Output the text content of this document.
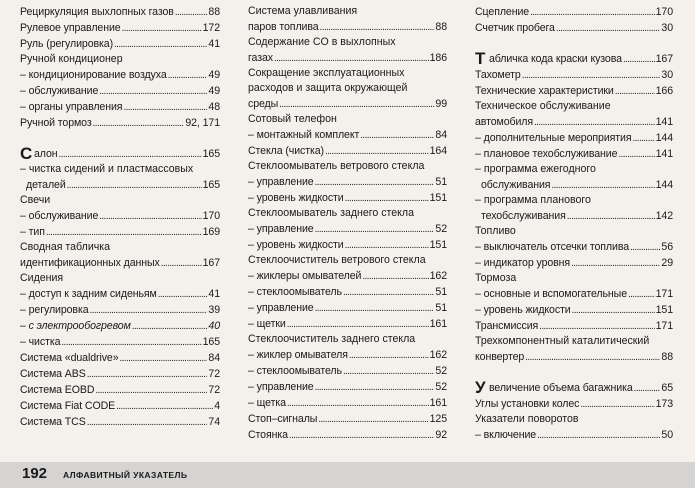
Рециркуляция выхлопных газов . . .	88
Рулевое управление . . .	172
Руль (регулировка) . . .	41
Ручной кондиционер
– кондиционирование воздуха . . .	49
– обслуживание . . .	49
– органы управления . . .	48
Ручной тормоз . . .	92, 171
Салон . . .	165
– чистка сидений и пластмассовых
деталей . . .	165
Свечи
– обслуживание . . .	170
– тип . . .	169
Сводная табличка
идентификационных данных . . .	167
Сидения
– доступ к задним сиденьям . . .	41
– регулировка . . .	39
– с электрообогревом . . .	40
– чистка . . .	165
Система «dualdrive» . . .	84
Система ABS . . .	72
Система EOBD . . .	72
Система Fiat CODE . . .	4
Система TCS . . .	74
Система улавливания
паров топлива . . .	88
Содержание CO в выхлопных
газах . . .	186
Сокращение эксплуатационных
расходов и защита окружающей
среды . . .	99
Сотовый телефон
– монтажный комплект . . .	84
Стекла (чистка) . . .	164
Стеклоомыватель ветрового стекла
– управление . . .	51
– уровень жидкости . . .	151
Стеклоомыватель заднего стекла
– управление . . .	52
– уровень жидкости . . .	151
Стеклоочиститель ветрового стекла
– жиклеры омывателей . . .	162
– стеклоомыватель . . .	51
– управление . . .	51
– щетки . . .	161
Стеклоочиститель заднего стекла
– жиклер омывателя . . .	162
– стеклоомыватель . . .	52
– управление . . .	52
– щетка . . .	161
Стоп–сигналы . . .	125
Стоянка . . .	92
Сцепление . . .	170
Счетчик пробега . . .	30
Табличка кода краски кузова . . .	167
Тахометр . . .	30
Технические характеристики . . .	166
Техническое обслуживание
автомобиля . . .	141
– дополнительные мероприятия . . . 144
– плановое техобслуживание . . .	141
– программа ежегодного
обслуживания . . .	144
– программа планового
техобслуживания . . .	142
Топливо
– выключатель отсечки топлива . . .	56
– индикатор уровня . . .	29
Тормоза
– основные и вспомогательные . . .	171
– уровень жидкости . . .	151
Трансмиссия . . .	171
Трехкомпонентный каталитический
конвертер . . .	88
Увеличение объема багажника . . .	65
Углы установки колес . . .	173
Указатели поворотов
– включение . . .	50
192 АЛФАВИТНЫЙ УКАЗАТЕЛЬ
